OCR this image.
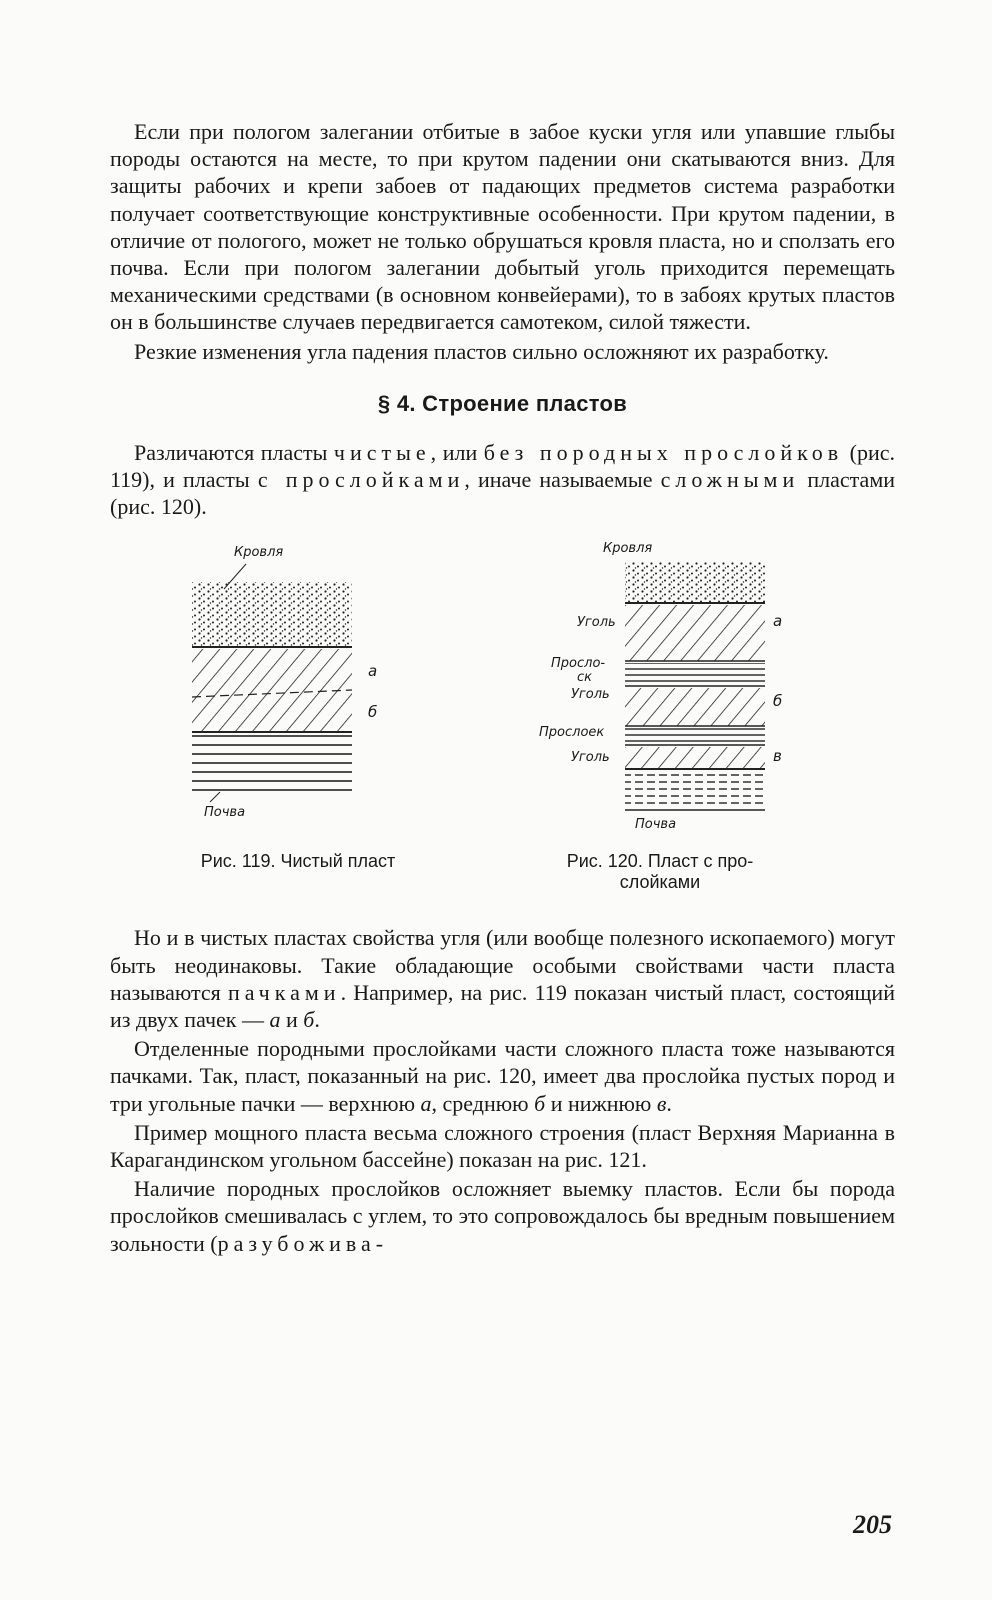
Если при пологом залегании отбитые в забое куски угля или упавшие глыбы породы остаются на месте, то при крутом падении они скатываются вниз. Для защиты рабочих и крепи забоев от падающих предметов система разработки получает соответствующие конструктивные особенности. При крутом падении, в отличие от пологого, может не только обрушаться кровля пласта, но и сползать его почва. Если при пологом залегании добытый уголь приходится перемещать механическими средствами (в основном конвейерами), то в забоях крутых пластов он в большинстве случаев передвигается самотеком, силой тяжести.

Резкие изменения угла падения пластов сильно осложняют их разработку.

§ 4. Строение пластов

Различаются пласты чистые, или без породных прослойков (рис. 119), и пласты с прослойками, иначе называемые сложными пластами (рис. 120).

Кровля
а
б
Почва
Рис. 119. Чистый пласт
Кровля
Уголь	а
Просло-
ск
Уголь	б
Прослоек
Уголь	в
Почва
Рис. 120. Пласт с про-
слойками

Но и в чистых пластах свойства угля (или вообще полезного ископаемого) могут быть неодинаковы. Такие обладающие особыми свойствами части пласта называются пачками. Например, на рис. 119 показан чистый пласт, состоящий из двух пачек — а и б.

Отделенные породными прослойками части сложного пласта тоже называются пачками. Так, пласт, показанный на рис. 120, имеет два прослойка пустых пород и три угольные пачки — верхнюю а, среднюю б и нижнюю в.

Пример мощного пласта весьма сложного строения (пласт Верхняя Марианна в Карагандинском угольном бассейне) показан на рис. 121.

Наличие породных прослойков осложняет выемку пластов. Если бы порода прослойков смешивалась с углем, то это сопровождалось бы вредным повышением зольности (разубожива-

205
